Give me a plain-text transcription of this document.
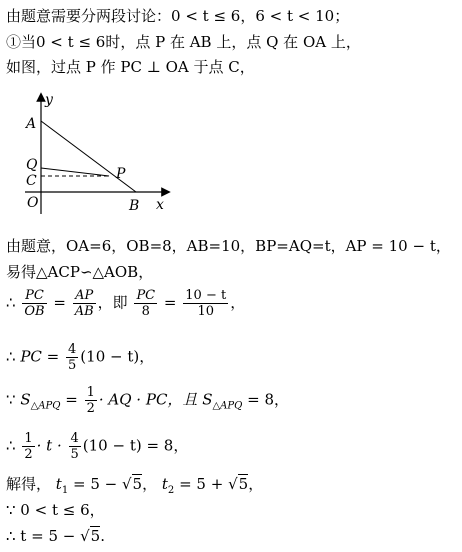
由题意需要分两段讨论：0 < t ≤ 6，6 < t < 10；
①当0 < t ≤ 6时，点 P 在 AB 上，点 Q 在 OA 上，
如图，过点 P 作 PC ⊥ OA 于点 C，
y
x
A
Q
C
O
P
B
由题意，OA=6，OB=8，AB=10，BP=AQ=t，AP = 10 − t，
易得△ACP∽△AOB，
∴ $\frac{PC}{OB} = \frac{AP}{AB}$ ，即 $\frac{PC}{8} = \frac{10 - t}{10}$ ，
∴ PC = $\frac{4}{5} (10 - t)$，
∵ $S_{\triangle APQ} = \frac{1}{2}$ · AQ · PC，且 $S_{\triangle APQ} = 8$，
∴ $\frac{1}{2} \cdot t \cdot \frac{4}{5} (10 - t) = 8$，
解得， $t_1 = 5 - √5$， $t_2 = 5 + √5$，
∵ 0 < t ≤ 6，
∴ t = 5 − √5.
